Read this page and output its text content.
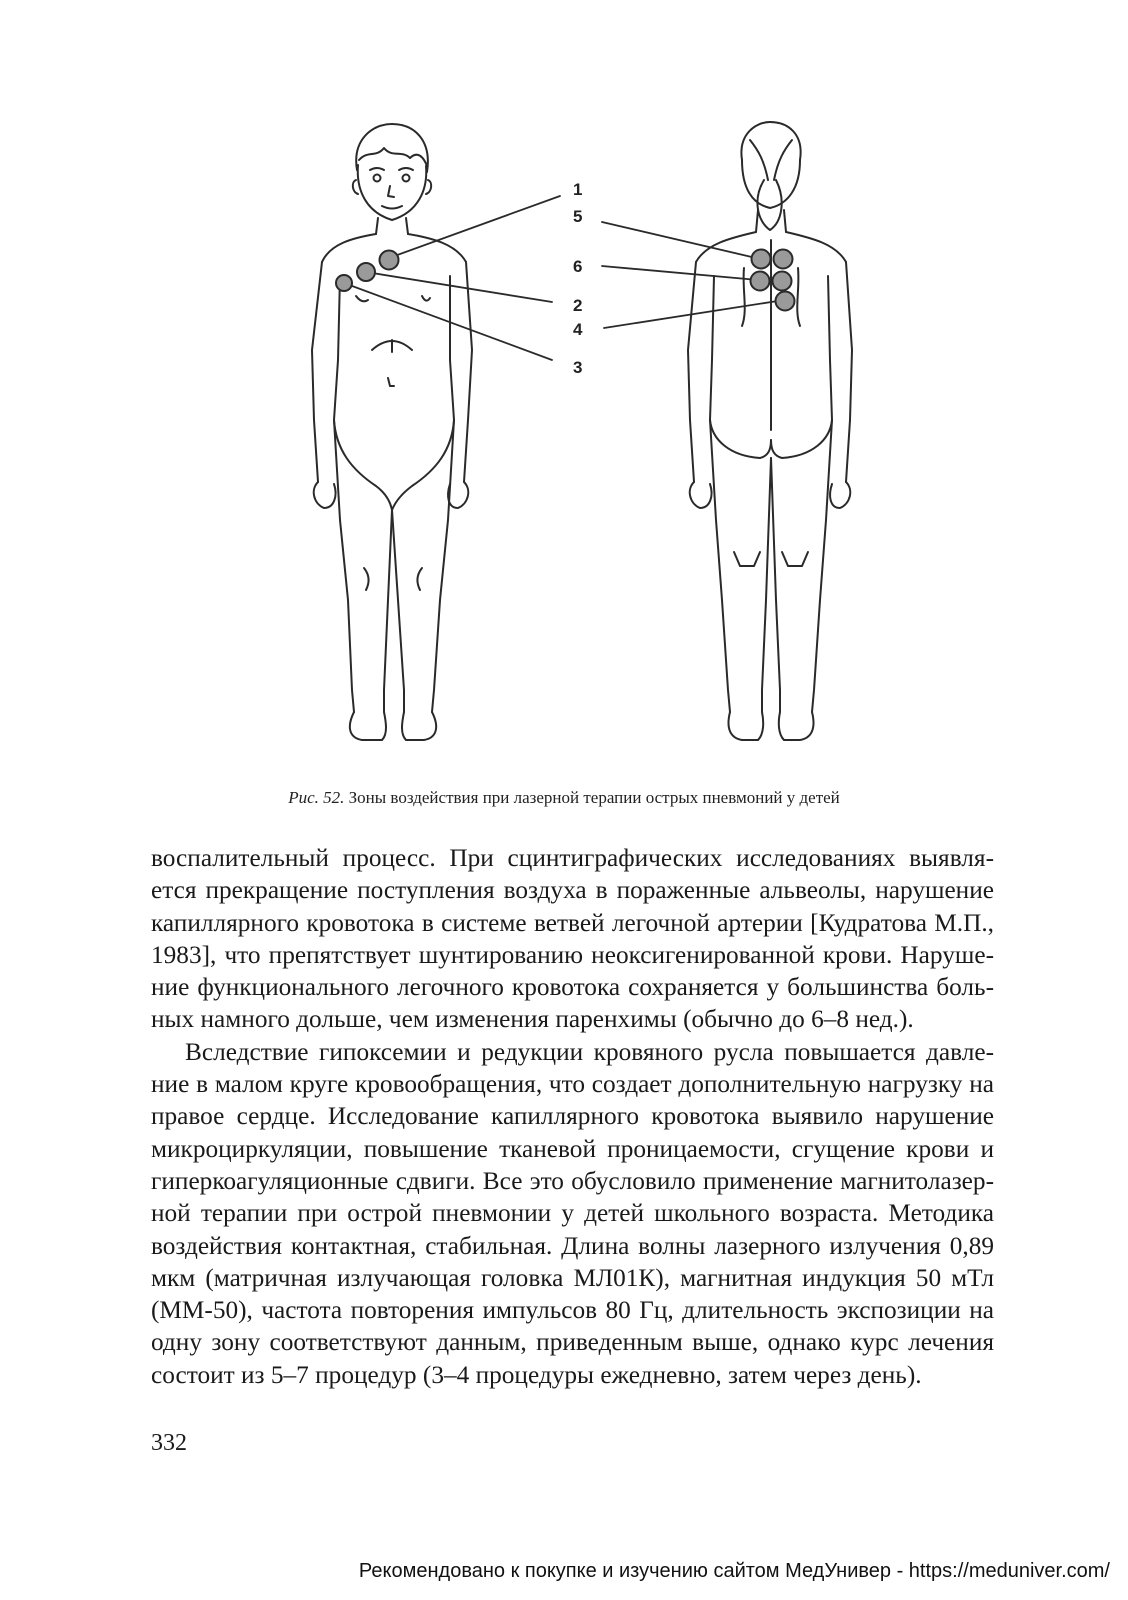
1
5
6
2
4
3
Рис. 52. Зоны воздействия при лазерной терапии острых пневмоний у детей

воспалительный процесс. При сцинтиграфических исследованиях выявляется прекращение поступления воздуха в пораженные альвеолы, нарушение капиллярного кровотока в системе ветвей легочной артерии [Кудратова М.П., 1983], что препятствует шунтированию неоксигенированной крови. Нарушение функционального легочного кровотока сохраняется у большинства больных намного дольше, чем изменения паренхимы (обычно до 6–8 нед.).

Вследствие гипоксемии и редукции кровяного русла повышается давление в малом круге кровообращения, что создает дополнительную нагрузку на правое сердце. Исследование капиллярного кровотока выявило нарушение микроциркуляции, повышение тканевой проницаемости, сгущение крови и гиперкоагуляционные сдвиги. Все это обусловило применение магнитолазерной терапии при острой пневмонии у детей школьного возраста. Методика воздействия контактная, стабильная. Длина волны лазерного излучения 0,89 мкм (матричная излучающая головка МЛ01К), магнитная индукция 50 мТл (ММ-50), частота повторения импульсов 80 Гц, длительность экспозиции на одну зону соответствуют данным, приведенным выше, однако курс лечения состоит из 5–7 процедур (3–4 процедуры ежедневно, затем через день).

332
Рекомендовано к покупке и изучению сайтом МедУнивер - https://meduniver.com/
